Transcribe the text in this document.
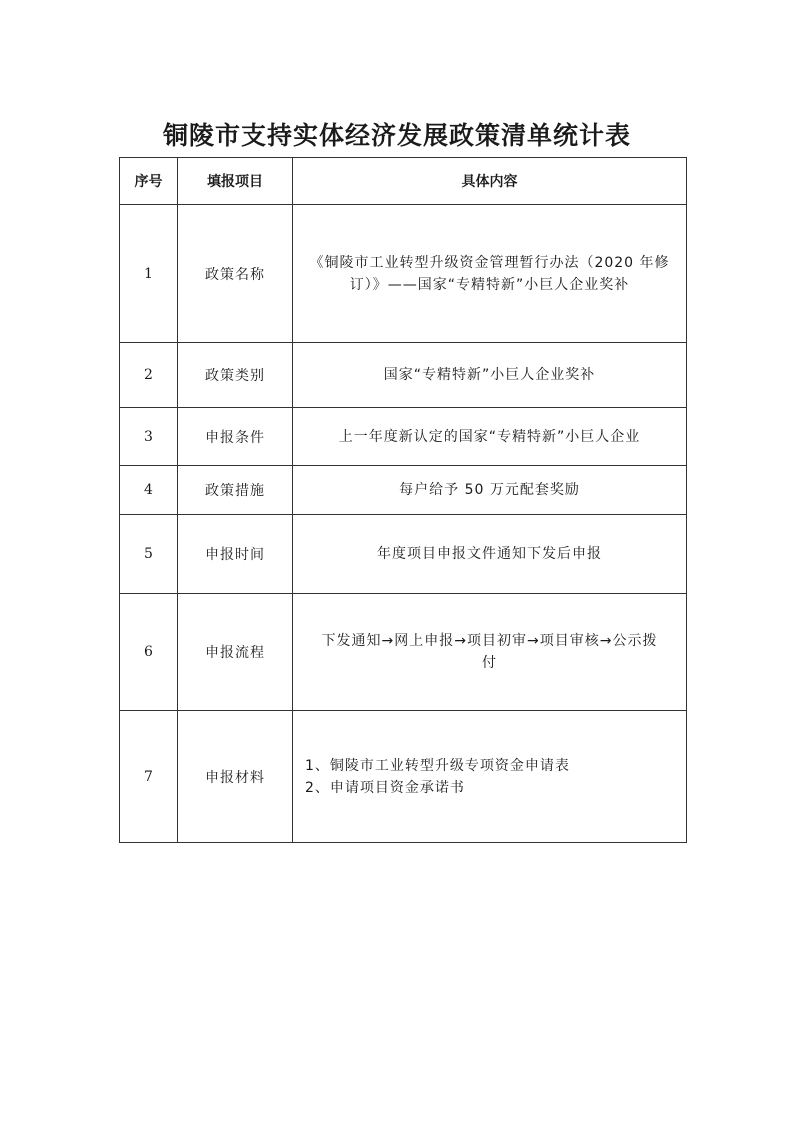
铜陵市支持实体经济发展政策清单统计表
序号	填报项目	具体内容
1	政策名称	《铜陵市工业转型升级资金管理暂行办法（2020 年修
订）》——国家“专精特新”小巨人企业奖补

2	政策类别	国家“专精特新”小巨人企业奖补

3	申报条件	上一年度新认定的国家“专精特新”小巨人企业

4	政策措施	每户给予 50 万元配套奖励

5	申报时间	年度项目申报文件通知下发后申报

6	申报流程	下发通知→网上申报→项目初审→项目审核→公示拨
付

7	申报材料	1、铜陵市工业转型升级专项资金申请表
2、申请项目资金承诺书
